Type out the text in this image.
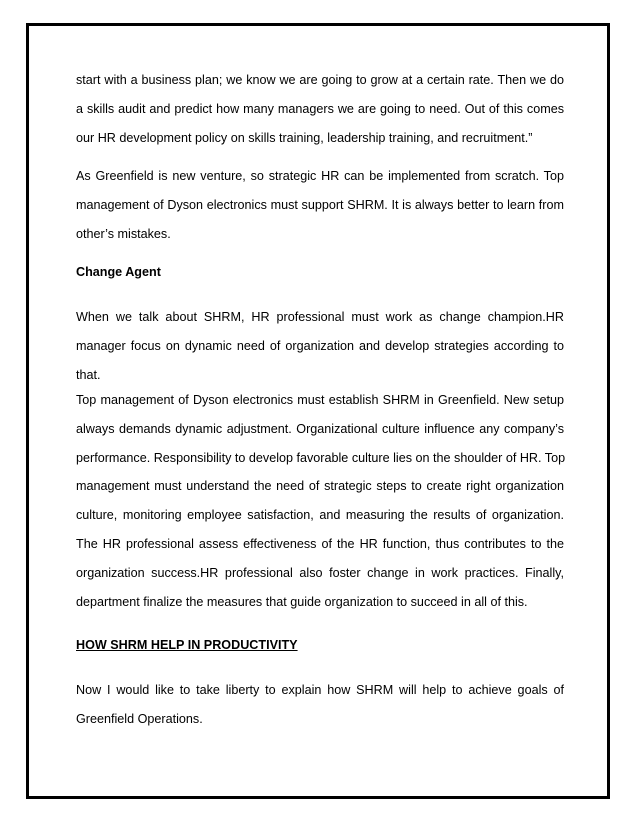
start with a business plan; we know we are going to grow at a certain rate. Then we do
a skills audit and predict how many managers we are going to need. Out of this comes
our HR development policy on skills training, leadership training, and recruitment.”

As Greenfield is new venture, so strategic HR can be implemented from scratch. Top
management of Dyson electronics must support SHRM. It is always better to learn from
other’s mistakes.

Change Agent

When we talk about SHRM, HR professional must work as change champion.HR
manager focus on dynamic need of organization and develop strategies according to
that.

Top management of Dyson electronics must establish SHRM in Greenfield. New setup
always demands dynamic adjustment. Organizational culture influence any company’s
performance. Responsibility to develop favorable culture lies on the shoulder of HR. Top
management must understand the need of strategic steps to create right organization
culture, monitoring employee satisfaction, and measuring the results of organization.
The HR professional assess effectiveness of the HR function, thus contributes to the
organization success.HR professional also foster change in work practices. Finally,
department finalize the measures that guide organization to succeed in all of this.

HOW SHRM HELP IN PRODUCTIVITY

Now I would like to take liberty to explain how SHRM will help to achieve goals of
Greenfield Operations.
